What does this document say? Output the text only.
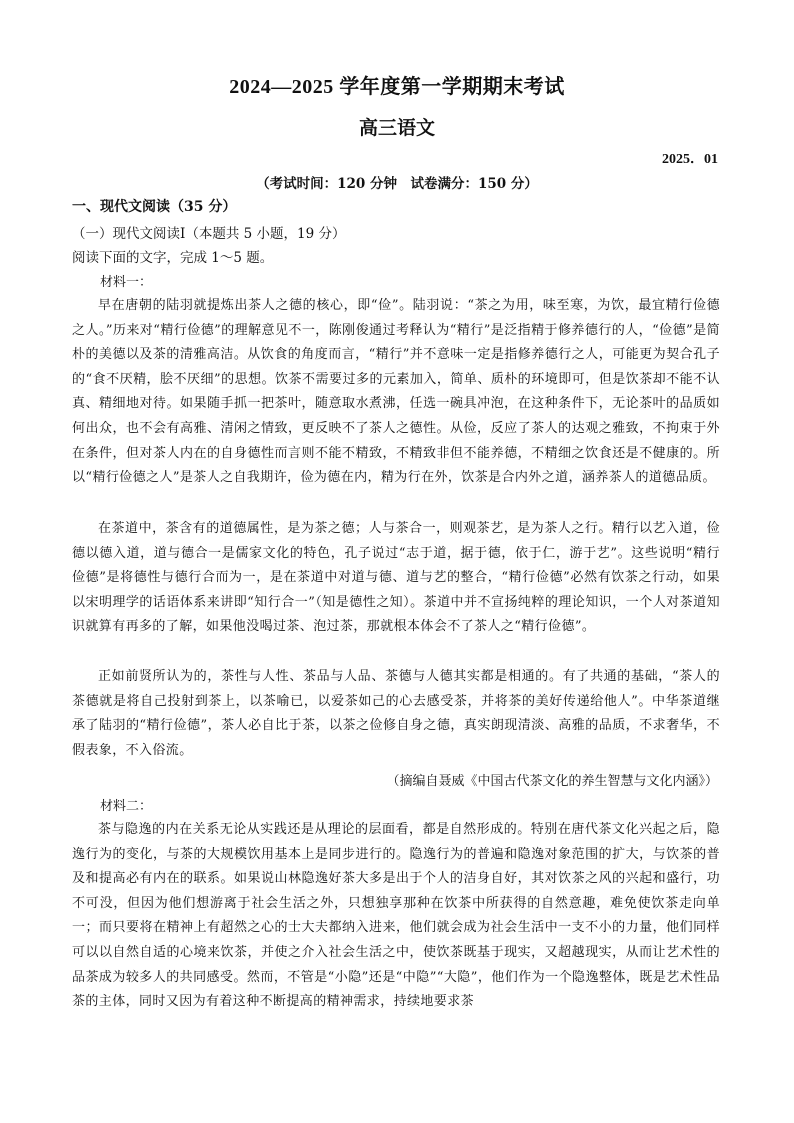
2024—2025 学年度第一学期期末考试
高三语文
2025．01
（考试时间：120 分钟　试卷满分：150 分）
一、现代文阅读（35 分）
（一）现代文阅读Ⅰ（本题共 5 小题，19 分）
阅读下面的文字，完成 1～5 题。
材料一：

早在唐朝的陆羽就提炼出茶人之德的核心，即“俭”。陆羽说：“茶之为用，味至寒，为饮，最宜精行俭德之人。”历来对“精行俭德”的理解意见不一，陈刚俊通过考释认为“精行”是泛指精于修养德行的人，“俭德”是简朴的美德以及茶的清雅高洁。从饮食的角度而言，“精行”并不意味一定是指修养德行之人，可能更为契合孔子的“食不厌精，脍不厌细”的思想。饮茶不需要过多的元素加入，简单、质朴的环境即可，但是饮茶却不能不认真、精细地对待。如果随手抓一把茶叶，随意取水煮沸，任选一碗具冲泡，在这种条件下，无论茶叶的品质如何出众，也不会有高雅、清闲之情致，更反映不了茶人之德性。从俭，反应了茶人的达观之雅致，不拘束于外在条件，但对茶人内在的自身德性而言则不能不精致，不精致非但不能养德，不精细之饮食还是不健康的。所以“精行俭德之人”是茶人之自我期许，俭为德在内，精为行在外，饮茶是合内外之道，涵养茶人的道德品质。

在茶道中，茶含有的道德属性，是为茶之德；人与茶合一，则观茶艺，是为茶人之行。精行以艺入道，俭德以德入道，道与德合一是儒家文化的特色，孔子说过“志于道，据于德，依于仁，游于艺”。这些说明“精行俭德”是将德性与德行合而为一，是在茶道中对道与德、道与艺的整合，“精行俭德”必然有饮茶之行动，如果以宋明理学的话语体系来讲即“知行合一”（知是德性之知）。茶道中并不宣扬纯粹的理论知识，一个人对茶道知识就算有再多的了解，如果他没喝过茶、泡过茶，那就根本体会不了茶人之“精行俭德”。

正如前贤所认为的，茶性与人性、茶品与人品、茶德与人德其实都是相通的。有了共通的基础，“茶人的茶德就是将自己投射到茶上，以茶喻已，以爱茶如己的心去感受茶，并将茶的美好传递给他人”。中华茶道继承了陆羽的“精行俭德”，茶人必自比于茶，以茶之俭修自身之德，真实朗现清淡、高雅的品质，不求奢华，不假表象，不入俗流。

（摘编自聂威《中国古代茶文化的养生智慧与文化内涵》）
材料二：

茶与隐逸的内在关系无论从实践还是从理论的层面看，都是自然形成的。特别在唐代茶文化兴起之后，隐逸行为的变化，与茶的大规模饮用基本上是同步进行的。隐逸行为的普遍和隐逸对象范围的扩大，与饮茶的普及和提高必有内在的联系。如果说山林隐逸好茶大多是出于个人的洁身自好，其对饮茶之风的兴起和盛行，功不可没，但因为他们想游离于社会生活之外，只想独享那种在饮茶中所获得的自然意趣，难免使饮茶走向单一；而只要将在精神上有超然之心的士大夫都纳入进来，他们就会成为社会生活中一支不小的力量，他们同样可以以自然自适的心境来饮茶，并使之介入社会生活之中，使饮茶既基于现实，又超越现实，从而让艺术性的品茶成为较多人的共同感受。然而，不管是“小隐”还是“中隐”“大隐”，他们作为一个隐逸整体，既是艺术性品茶的主体，同时又因为有着这种不断提高的精神需求，持续地要求茶
